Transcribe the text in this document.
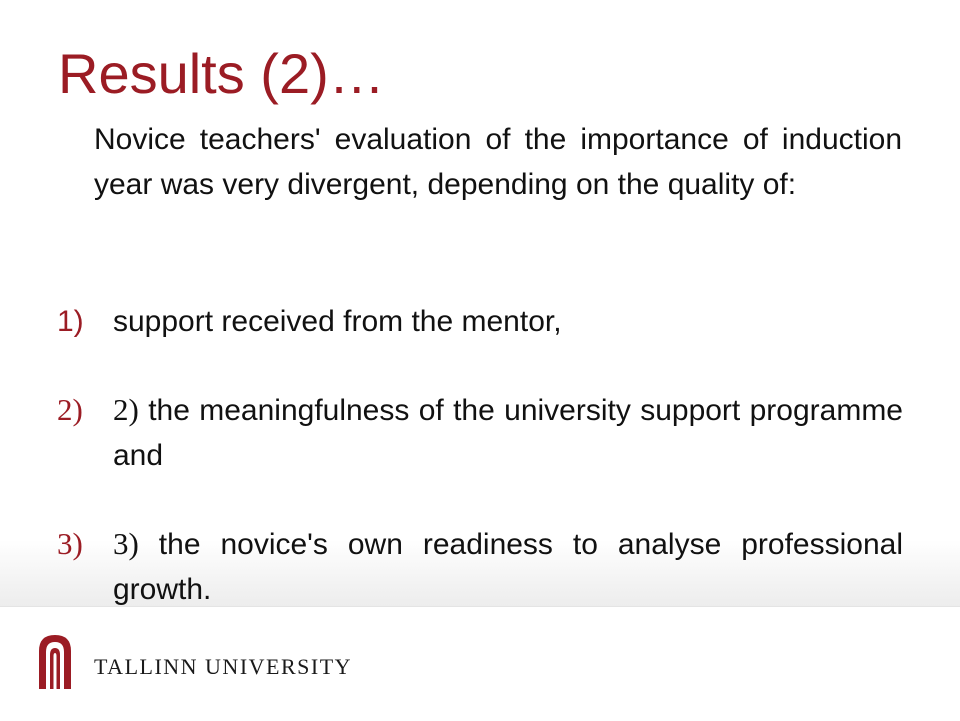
Results (2)…

Novice teachers' evaluation of the importance of induction year was very divergent, depending on the quality of:

1) support received from the mentor,

2) 2) the meaningfulness of the university support programme and

3) 3) the novice's own readiness to analyse professional growth.

TALLINN UNIVERSITY
